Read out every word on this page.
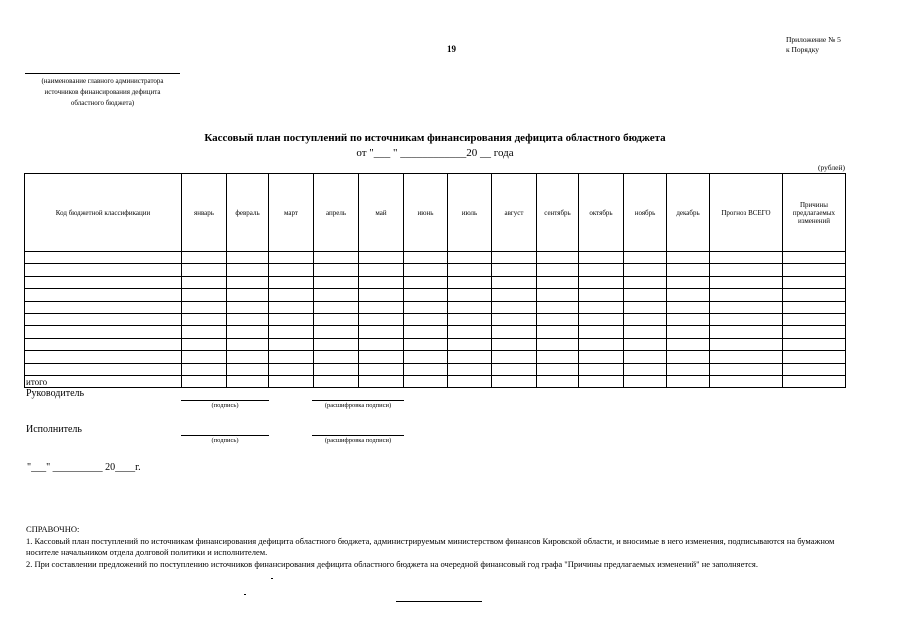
19
Приложение № 5
к Порядку
(наименование главного администратора
источников финансирования дефицита
областного бюджета)
Кассовый план поступлений по источникам финансирования дефицита областного бюджета
от "___ " ____________20 __ года
(рублей)
Код бюджетной классификации	январь	февраль	март	апрель	май	июнь	июль	август	сентябрь	октябрь	ноябрь	декабрь	Прогноз ВСЕГО	Причины предлагаемых изменений

итого														
Руководитель
(подпись)	(расшифровка подписи)
Исполнитель
(подпись)	(расшифровка подписи)
"___" __________ 20____г.
СПРАВОЧНО:
1. Кассовый план поступлений по источникам финансирования дефицита областного бюджета, администрируемым министерством финансов Кировской области, и вносимые в него изменения, подписываются на бумажном носителе начальником отдела долговой политики и исполнителем.
2. При составлении предложений по поступлению источников финансирования дефицита областного бюджета на очередной финансовый год графа "Причины предлагаемых изменений" не заполняется.
